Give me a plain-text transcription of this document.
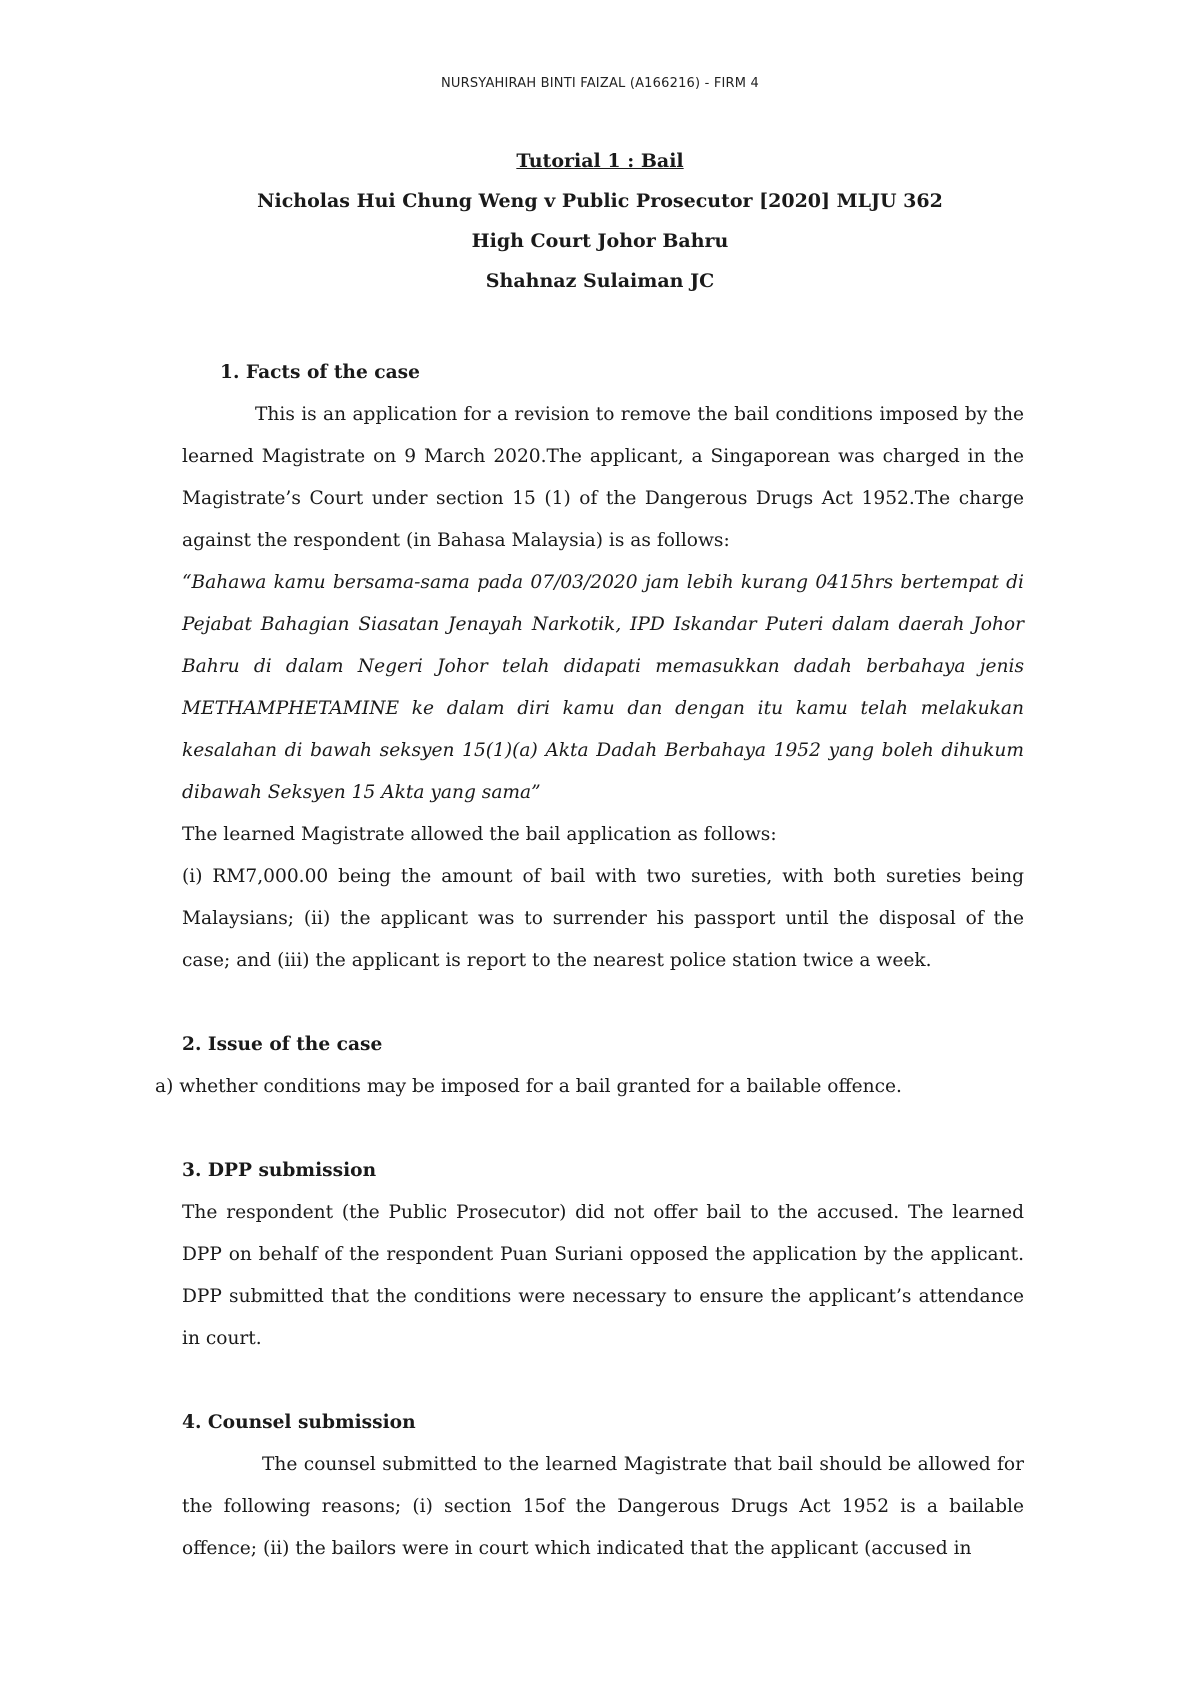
NURSYAHIRAH BINTI FAIZAL (A166216) - FIRM 4
Tutorial 1 : Bail
Nicholas Hui Chung Weng v Public Prosecutor [2020] MLJU 362
High Court Johor Bahru
Shahnaz Sulaiman JC
1. Facts of the case

This is an application for a revision to remove the bail conditions imposed by the learned Magistrate on 9 March 2020.The applicant, a Singaporean was charged in the Magistrate’s Court under section 15 (1) of the Dangerous Drugs Act 1952.The charge against the respondent (in Bahasa Malaysia) is as follows:

“Bahawa kamu bersama-sama pada 07/03/2020 jam lebih kurang 0415hrs bertempat di Pejabat Bahagian Siasatan Jenayah Narkotik, IPD Iskandar Puteri dalam daerah Johor Bahru di dalam Negeri Johor telah didapati memasukkan dadah berbahaya jenis METHAMPHETAMINE ke dalam diri kamu dan dengan itu kamu telah melakukan kesalahan di bawah seksyen 15(1)(a) Akta Dadah Berbahaya 1952 yang boleh dihukum dibawah Seksyen 15 Akta yang sama”

The learned Magistrate allowed the bail application as follows:

(i) RM7,000.00 being the amount of bail with two sureties, with both sureties being Malaysians; (ii) the applicant was to surrender his passport until the disposal of the case; and (iii) the applicant is report to the nearest police station twice a week.

2. Issue of the case

a) whether conditions may be imposed for a bail granted for a bailable offence.

3. DPP submission

The respondent (the Public Prosecutor) did not offer bail to the accused. The learned DPP on behalf of the respondent Puan Suriani opposed the application by the applicant. DPP submitted that the conditions were necessary to ensure the applicant’s attendance in court.

4. Counsel submission

The counsel submitted to the learned Magistrate that bail should be allowed for the following reasons; (i) section 15of the Dangerous Drugs Act 1952 is a bailable offence; (ii) the bailors were in court which indicated that the applicant (accused in
